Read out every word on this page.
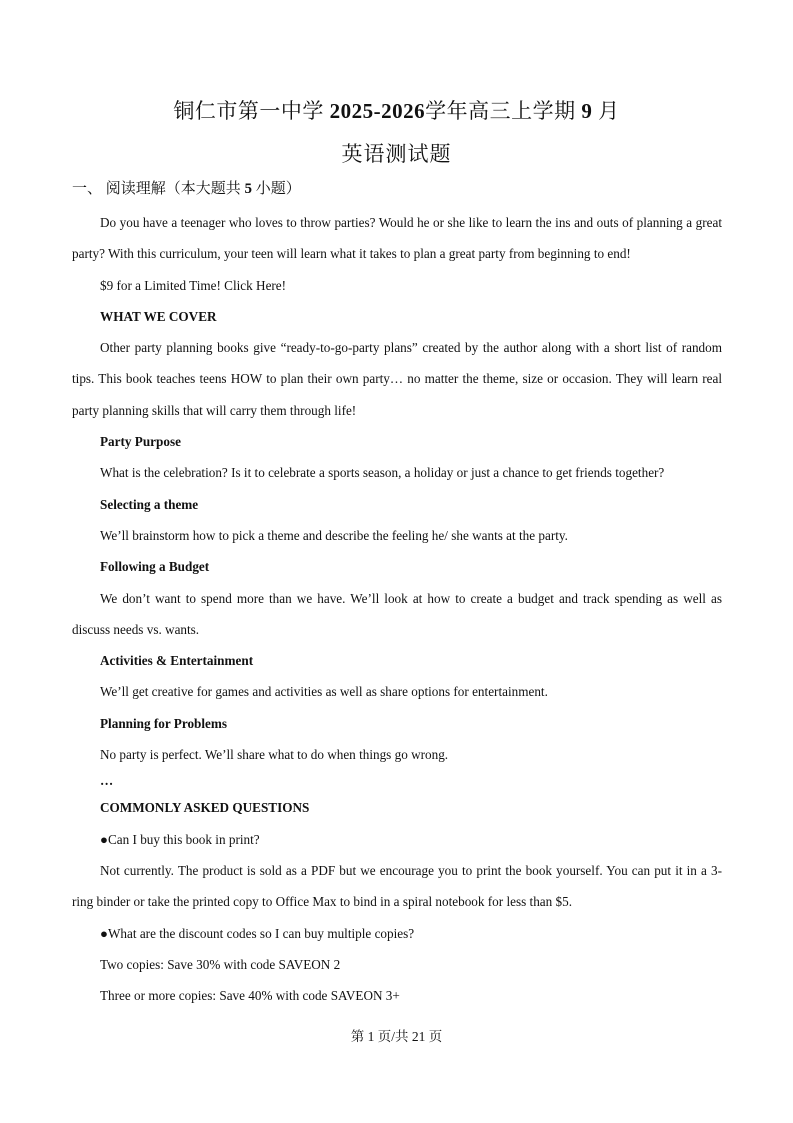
铜仁市第一中学 2025-2026学年高三上学期 9 月
英语测试题
一、 阅读理解（本大题共 5 小题）

Do you have a teenager who loves to throw parties? Would he or she like to learn the ins and outs of planning a great party? With this curriculum, your teen will learn what it takes to plan a great party from beginning to end!

$9 for a Limited Time! Click Here!

WHAT WE COVER

Other party planning books give “ready-to-go-party plans” created by the author along with a short list of random tips. This book teaches teens HOW to plan their own party… no matter the theme, size or occasion. They will learn real party planning skills that will carry them through life!

Party Purpose

What is the celebration? Is it to celebrate a sports season, a holiday or just a chance to get friends together?

Selecting a theme

We’ll brainstorm how to pick a theme and describe the feeling he/ she wants at the party.

Following a Budget

We don’t want to spend more than we have. We’ll look at how to create a budget and track spending as well as discuss needs vs. wants.

Activities & Entertainment

We’ll get creative for games and activities as well as share options for entertainment.

Planning for Problems

No party is perfect. We’ll share what to do when things go wrong.

…

COMMONLY ASKED QUESTIONS

●Can I buy this book in print?

Not currently. The product is sold as a PDF but we encourage you to print the book yourself. You can put it in a 3-ring binder or take the printed copy to Office Max to bind in a spiral notebook for less than $5.

●What are the discount codes so I can buy multiple copies?

Two copies: Save 30% with code SAVEON 2

Three or more copies: Save 40% with code SAVEON 3+

第 1 页/共 21 页
